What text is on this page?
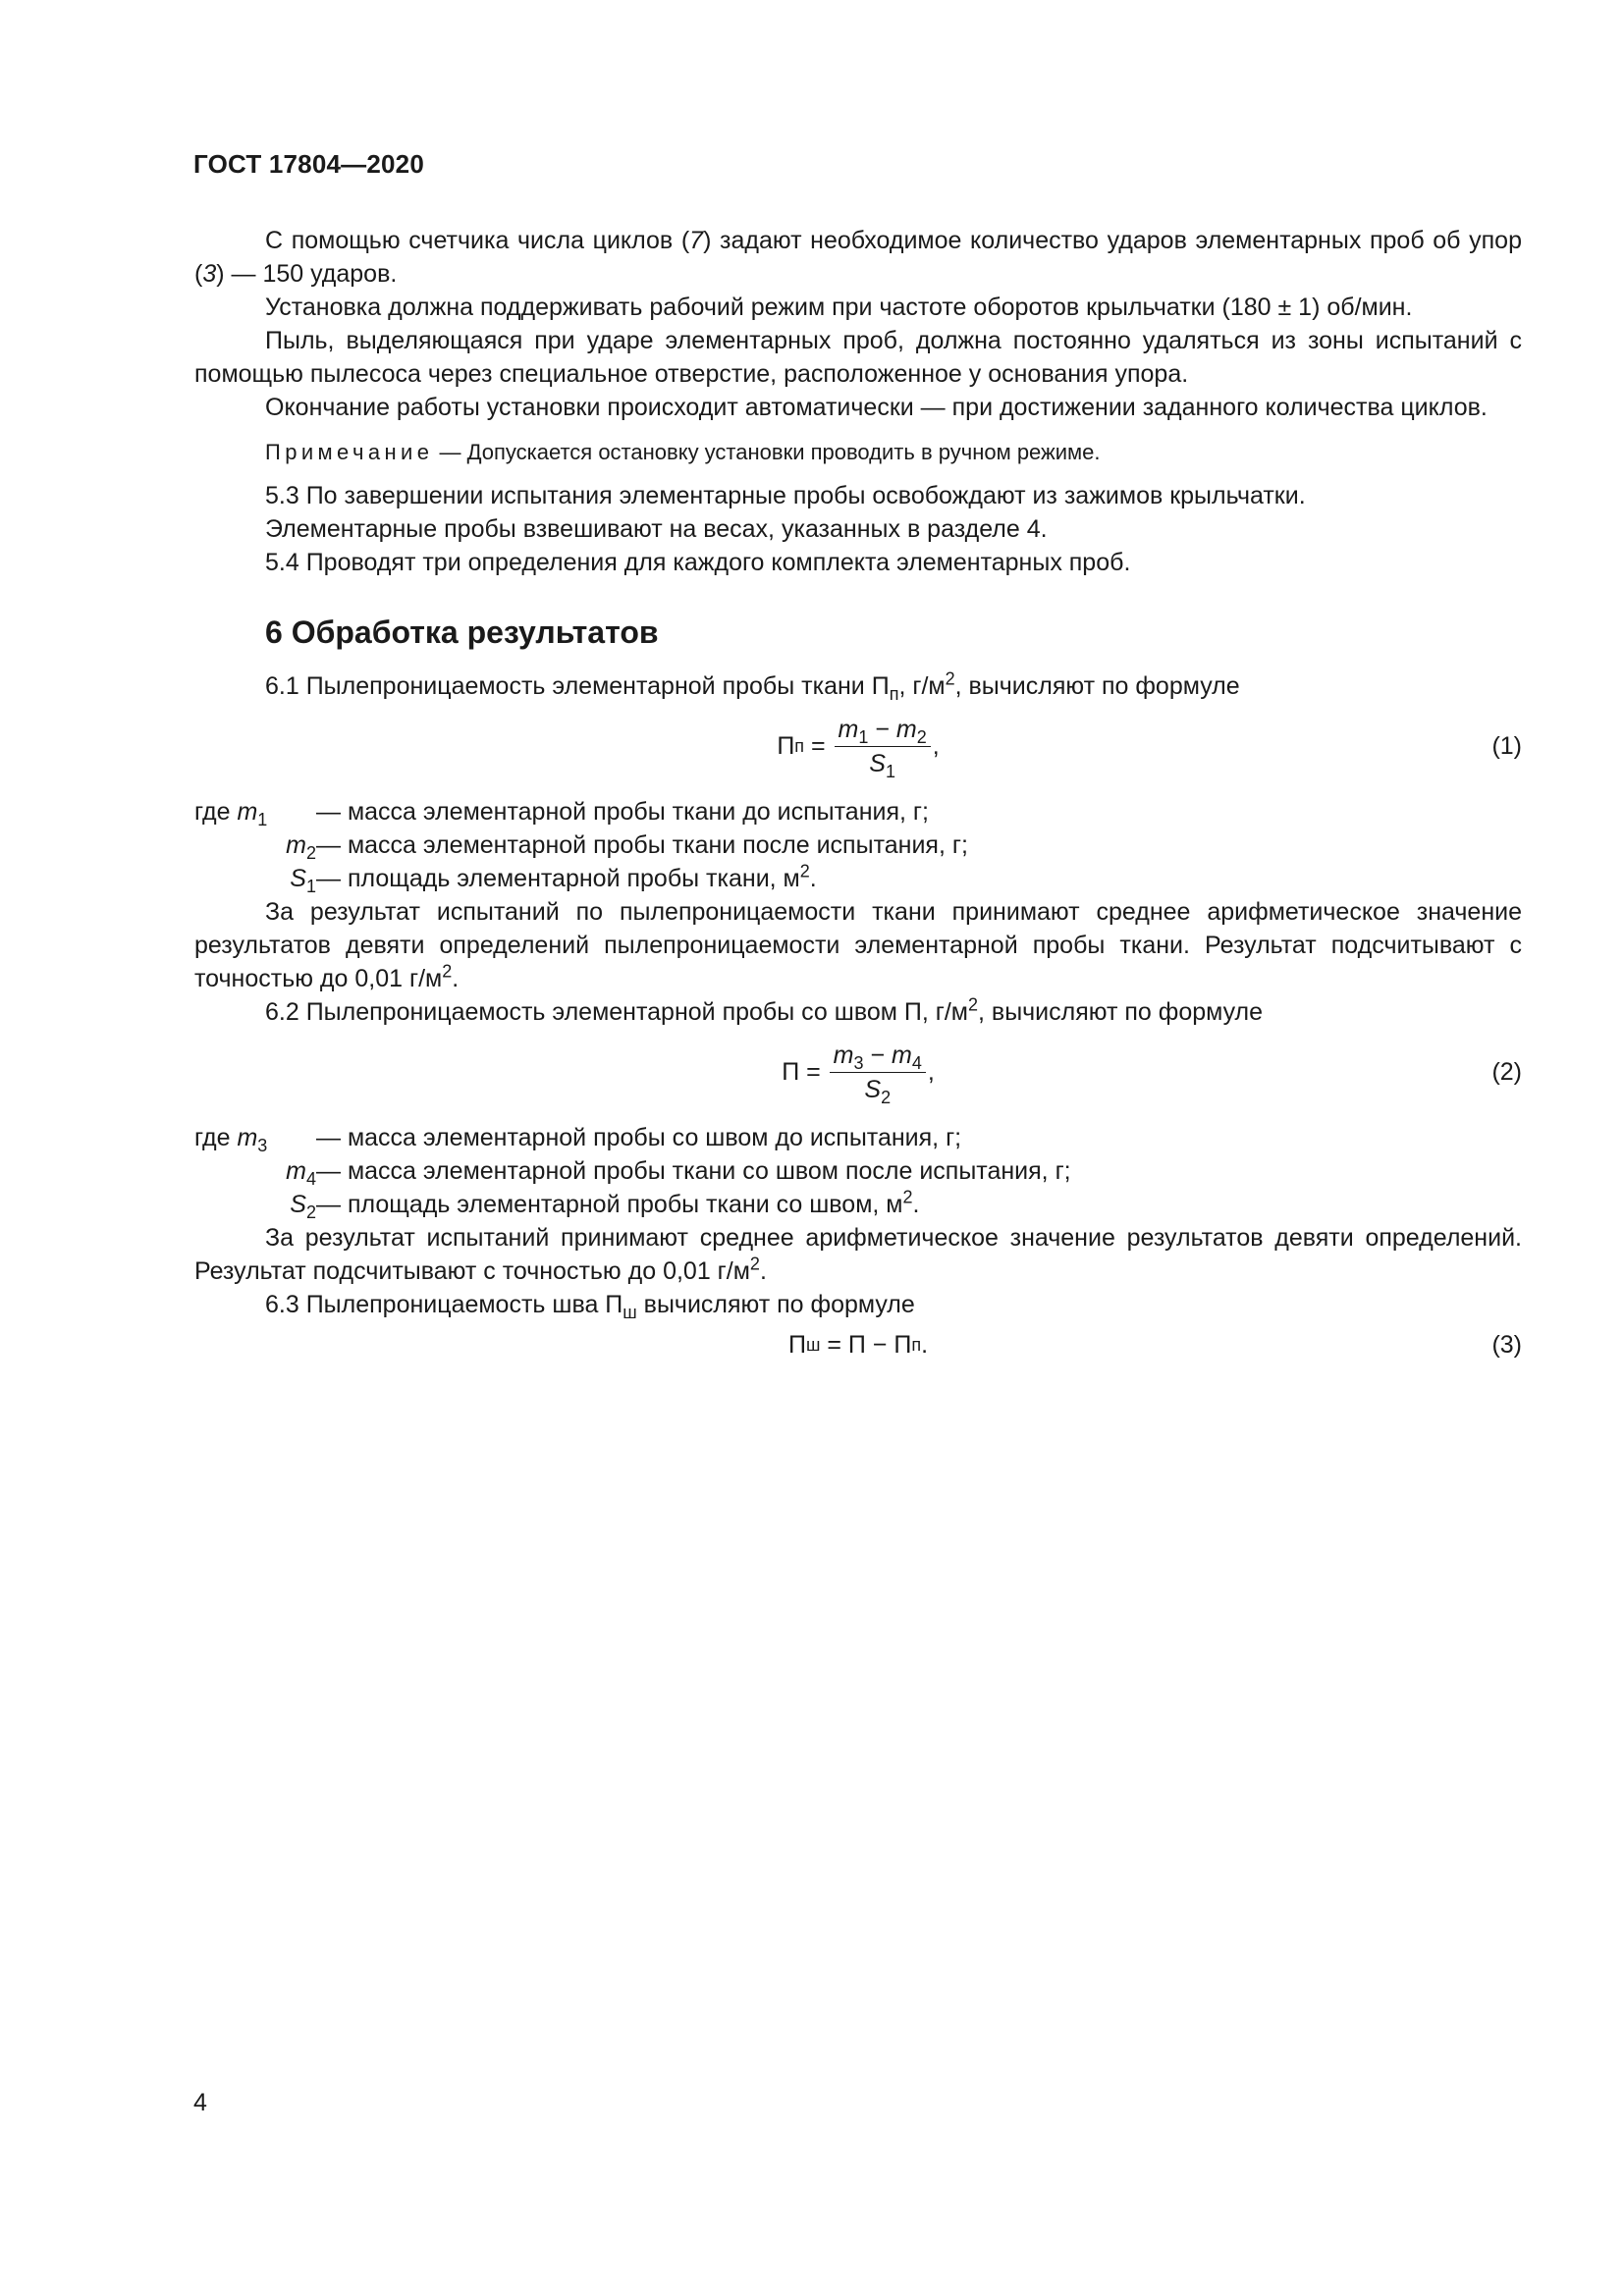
ГОСТ 17804—2020

С помощью счетчика числа циклов (7) задают необходимое количество ударов элементарных проб об упор (3) — 150 ударов.

Установка должна поддерживать рабочий режим при частоте оборотов крыльчатки (180 ± 1) об/мин.

Пыль, выделяющаяся при ударе элементарных проб, должна постоянно удаляться из зоны испытаний с помощью пылесоса через специальное отверстие, расположенное у основания упора.

Окончание работы установки происходит автоматически — при достижении заданного количества циклов.

Примечание — Допускается остановку установки проводить в ручном режиме.

5.3 По завершении испытания элементарные пробы освобождают из зажимов крыльчатки.

Элементарные пробы взвешивают на весах, указанных в разделе 4.

5.4 Проводят три определения для каждого комплекта элементарных проб.

6 Обработка результатов

6.1 Пылепроницаемость элементарной пробы ткани $П_п$, $г/м^2$, вычисляют по формуле

П $п = \frac{m_1 - m_2}{S_1}$ ,	(1)
где $m_1$	— масса элементарной пробы ткани до испытания, г;
$m_2$ — масса элементарной пробы ткани после испытания, г;
$S_1$ — площадь элементарной пробы ткани, $м^2$.

За результат испытаний по пылепроницаемости ткани принимают среднее арифметическое значение результатов девяти определений пылепроницаемости элементарной пробы ткани. Результат подсчитывают с точностью до 0,01 $г/м^2$.

6.2 Пылепроницаемость элементарной пробы со швом П, $г/м^2$, вычисляют по формуле

$П = \frac{m_3 - m_4}{S_2}$ ,	(2)
где $m_3$	— масса элементарной пробы со швом до испытания, г;
$m_4$ — масса элементарной пробы ткани со швом после испытания, г;
$S_2$ — площадь элементарной пробы ткани со швом, $м^2$.

За результат испытаний принимают среднее арифметическое значение результатов девяти определений. Результат подсчитывают с точностью до 0,01 $г/м^2$.

6.3 Пылепроницаемость шва $П_ш$ вычисляют по формуле

П ш = П − П п .	(3)
4
